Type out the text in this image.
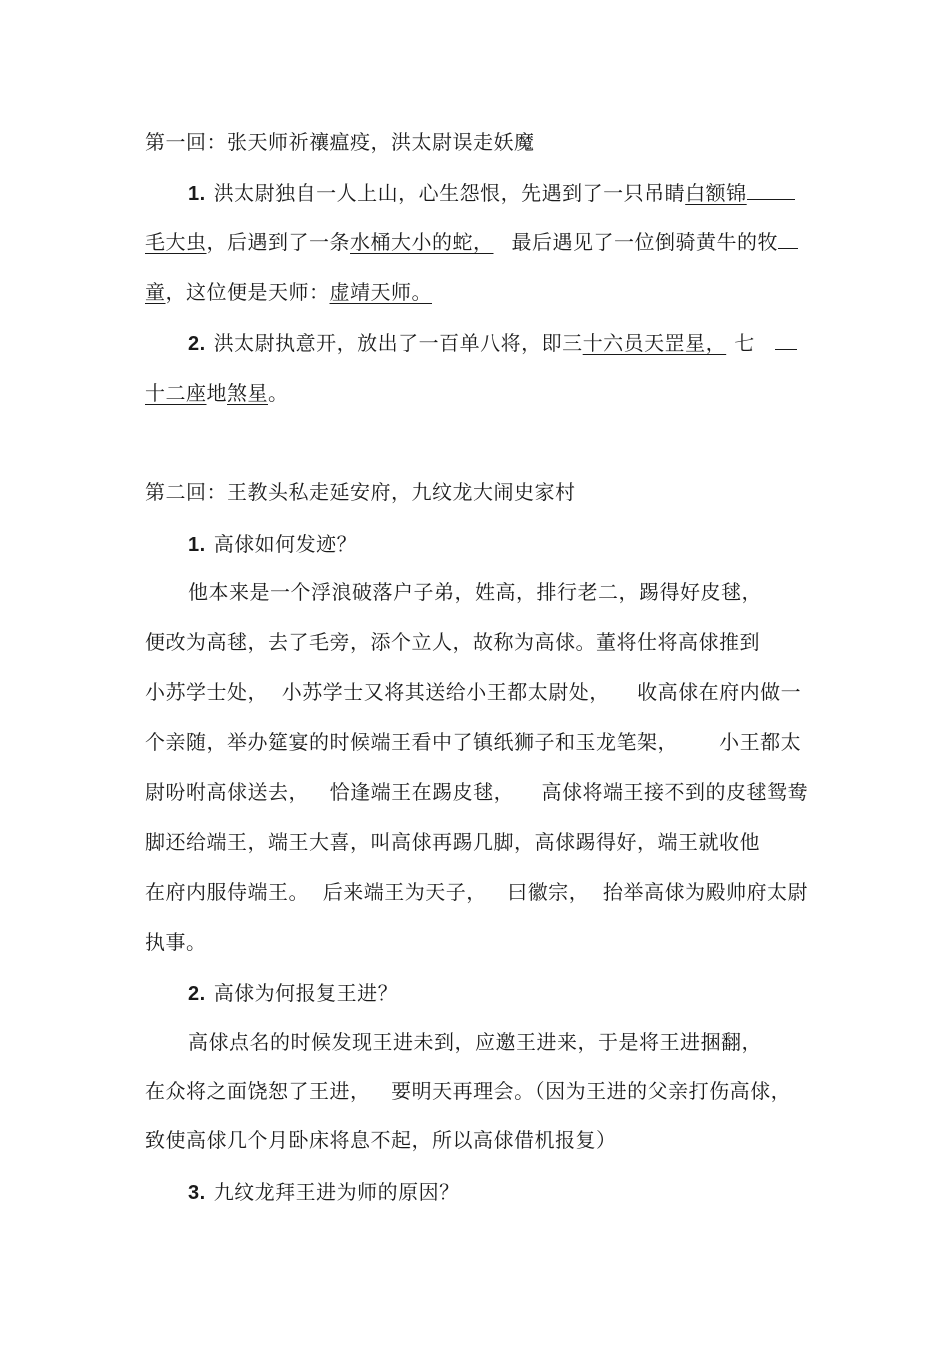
第一回：张天师祈禳瘟疫，洪太尉误走妖魔
1. 洪太尉独自一人上山，心生怨恨，先遇到了一只吊睛白额锦
毛大虫，后遇到了一条水桶大小的蛇， 最后遇见了一位倒骑黄牛的牧
童，这位便是天师：虚靖天师。
2. 洪太尉执意开，放出了一百单八将，即三十六员天罡星， 七
十二座地煞星。
第二回：王教头私走延安府，九纹龙大闹史家村
1. 高俅如何发迹？
他本来是一个浮浪破落户子弟，姓高，排行老二，踢得好皮毬，
便改为高毬，去了毛旁，添个立人，故称为高俅。董将仕将高俅推到
小苏学士处，  小苏学士又将其送给小王都太尉处，    收高俅在府内做一
个亲随，举办筵宴的时候端王看中了镇纸狮子和玉龙笔架，      小王都太
尉吩咐高俅送去，   恰逢端王在踢皮毬，    高俅将端王接不到的皮毬鸳鸯
脚还给端王，端王大喜，叫高俅再踢几脚，高俅踢得好，端王就收他
在府内服侍端王。  后来端王为天子，   曰徽宗，  抬举高俅为殿帅府太尉
执事。
2. 高俅为何报复王进？
高俅点名的时候发现王进未到，应邀王进来，于是将王进捆翻，
在众将之面饶恕了王进，   要明天再理会。（因为王进的父亲打伤高俅，
致使高俅几个月卧床将息不起，所以高俅借机报复）
3. 九纹龙拜王进为师的原因？
